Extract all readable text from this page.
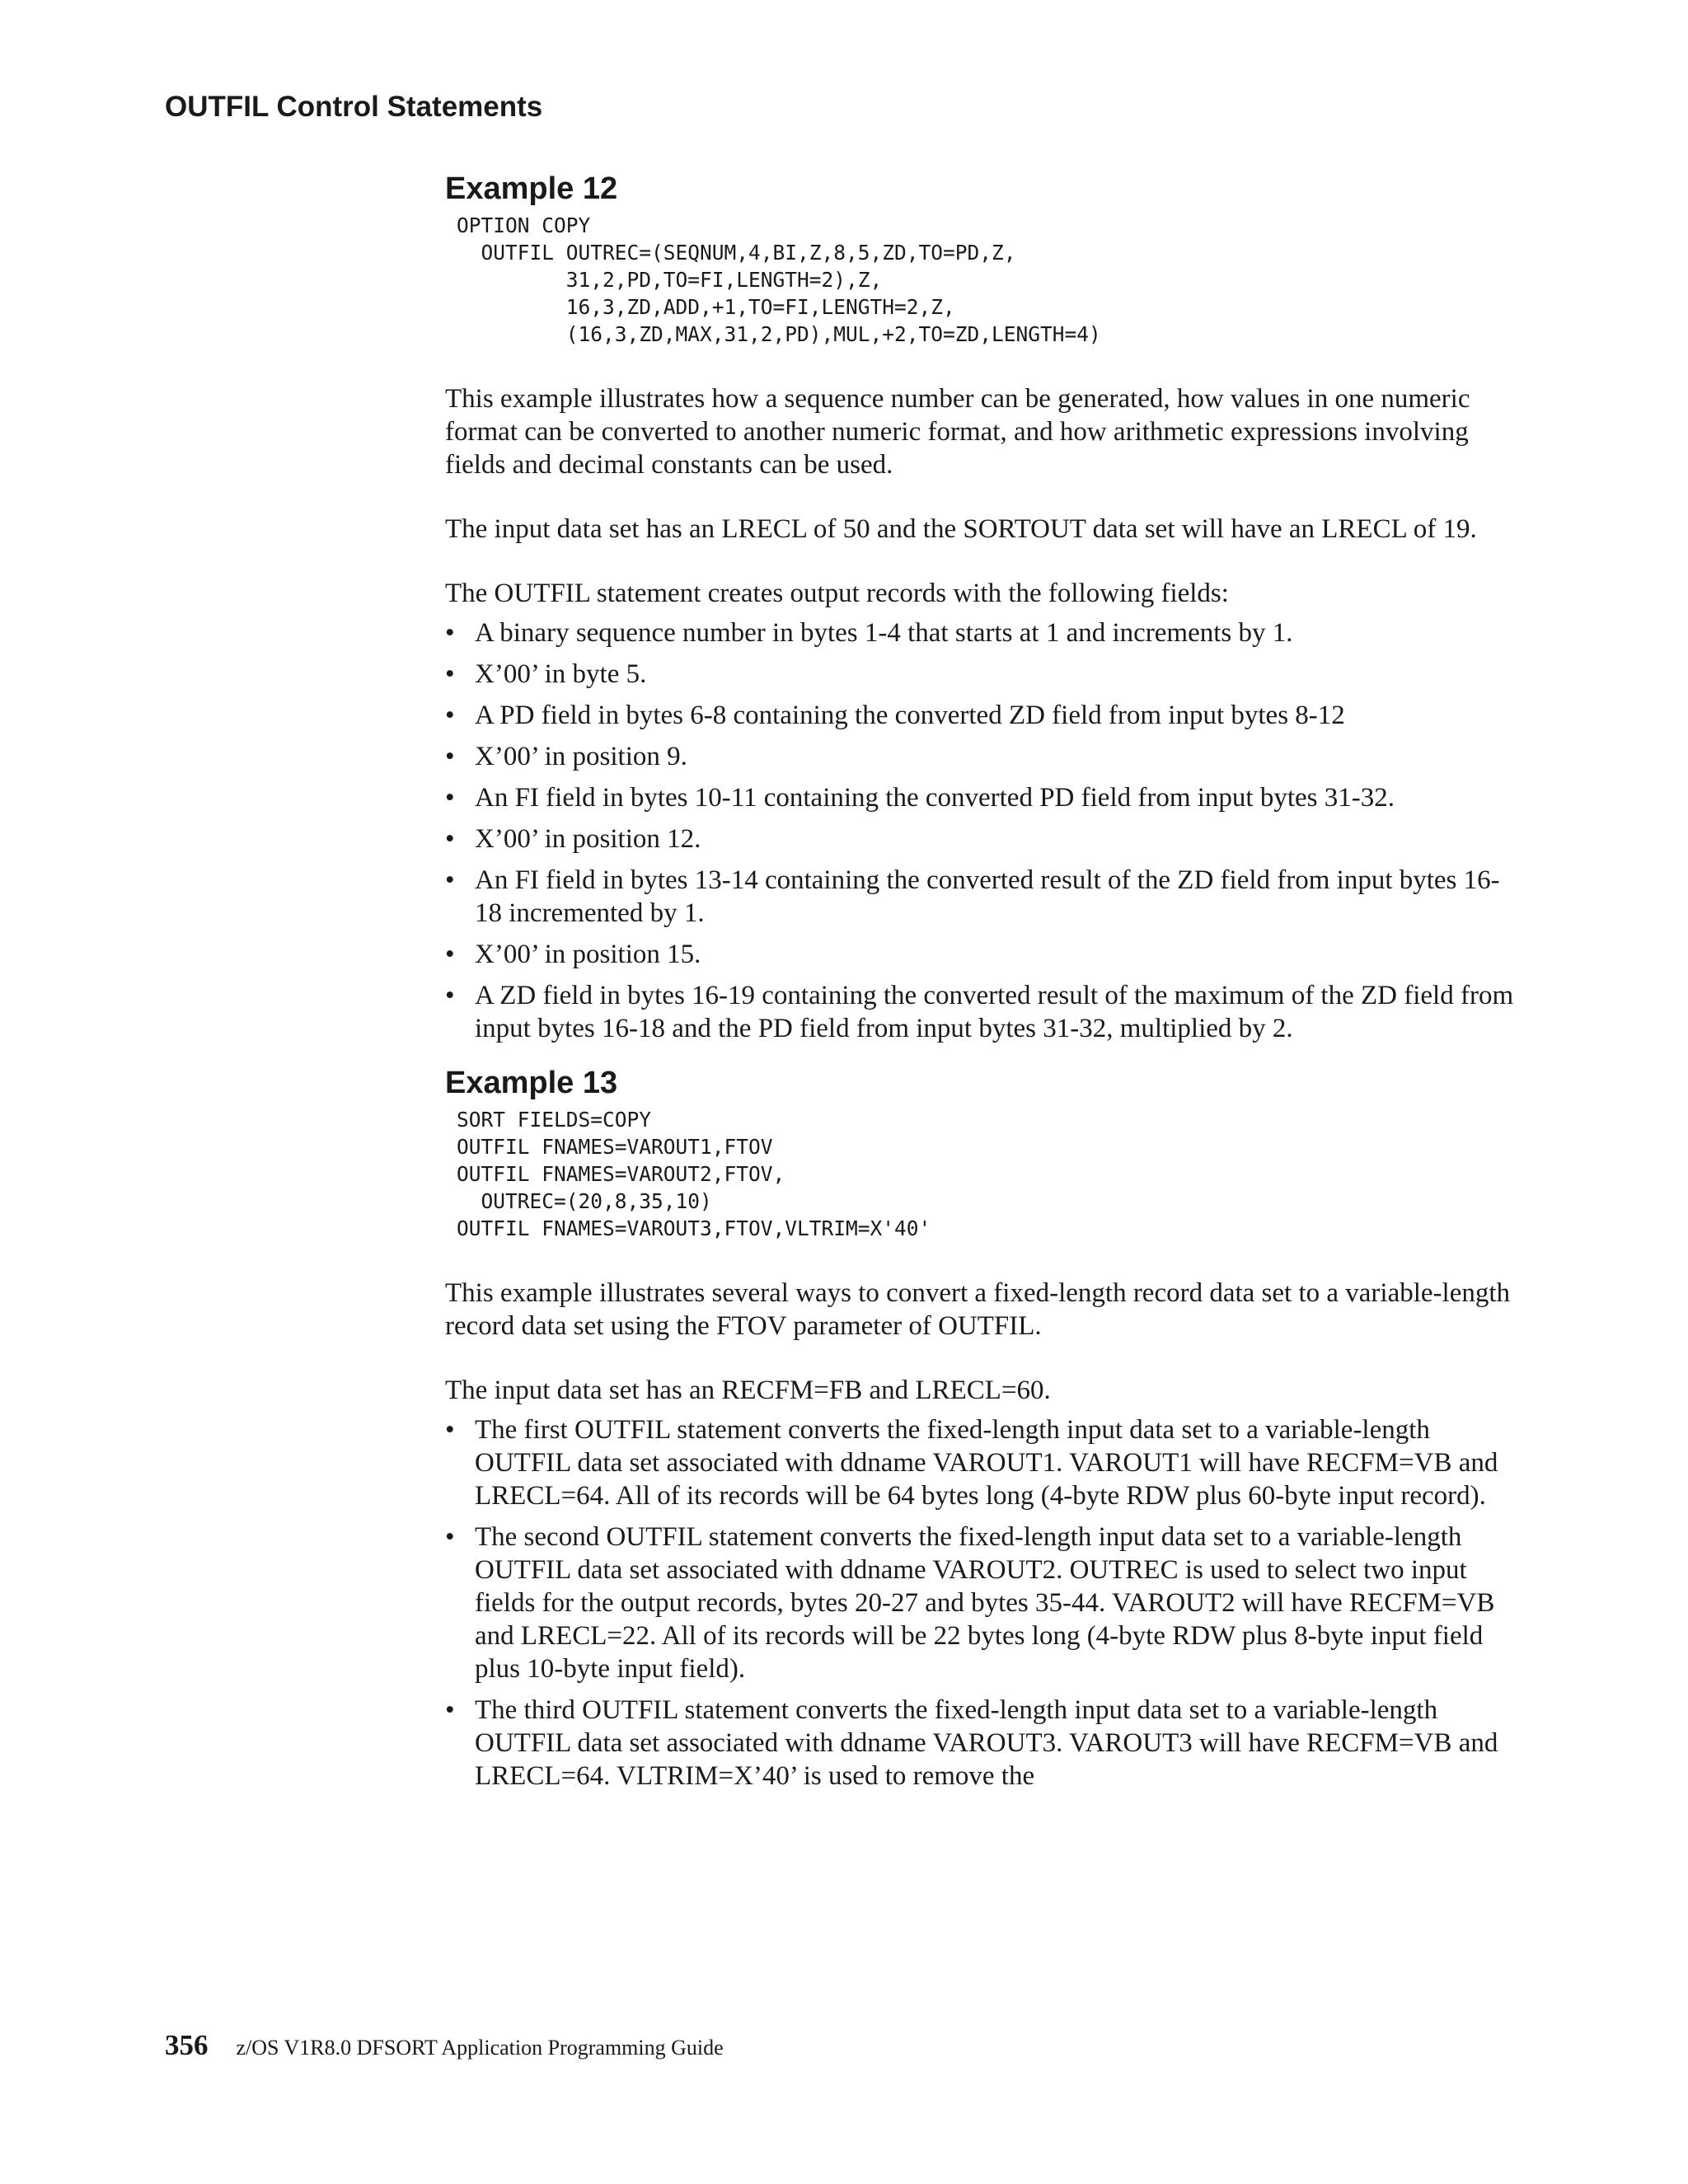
OUTFIL Control Statements
Example 12
OPTION COPY
OUTFIL OUTREC=(SEQNUM,4,BI,Z,8,5,ZD,TO=PD,Z,
31,2,PD,TO=FI,LENGTH=2),Z,
16,3,ZD,ADD,+1,TO=FI,LENGTH=2,Z,
(16,3,ZD,MAX,31,2,PD),MUL,+2,TO=ZD,LENGTH=4)

This example illustrates how a sequence number can be generated, how values in one numeric format can be converted to another numeric format, and how arithmetic expressions involving fields and decimal constants can be used.

The input data set has an LRECL of 50 and the SORTOUT data set will have an LRECL of 19.

The OUTFIL statement creates output records with the following fields:

• A binary sequence number in bytes 1-4 that starts at 1 and increments by 1.
• X’00’ in byte 5.
• A PD field in bytes 6-8 containing the converted ZD field from input bytes 8-12
• X’00’ in position 9.
• An FI field in bytes 10-11 containing the converted PD field from input bytes 31-32.
• X’00’ in position 12.
• An FI field in bytes 13-14 containing the converted result of the ZD field from input bytes 16-18 incremented by 1.
• X’00’ in position 15.
• A ZD field in bytes 16-19 containing the converted result of the maximum of the ZD field from input bytes 16-18 and the PD field from input bytes 31-32, multiplied by 2.
Example 13
SORT FIELDS=COPY
OUTFIL FNAMES=VAROUT1,FTOV
OUTFIL FNAMES=VAROUT2,FTOV,
OUTREC=(20,8,35,10)
OUTFIL FNAMES=VAROUT3,FTOV,VLTRIM=X'40'

This example illustrates several ways to convert a fixed-length record data set to a variable-length record data set using the FTOV parameter of OUTFIL.

The input data set has an RECFM=FB and LRECL=60.

• The first OUTFIL statement converts the fixed-length input data set to a variable-length OUTFIL data set associated with ddname VAROUT1. VAROUT1 will have RECFM=VB and LRECL=64. All of its records will be 64 bytes long (4-byte RDW plus 60-byte input record).
• The second OUTFIL statement converts the fixed-length input data set to a variable-length OUTFIL data set associated with ddname VAROUT2. OUTREC is used to select two input fields for the output records, bytes 20-27 and bytes 35-44. VAROUT2 will have RECFM=VB and LRECL=22. All of its records will be 22 bytes long (4-byte RDW plus 8-byte input field plus 10-byte input field).
• The third OUTFIL statement converts the fixed-length input data set to a variable-length OUTFIL data set associated with ddname VAROUT3. VAROUT3 will have RECFM=VB and LRECL=64. VLTRIM=X’40’ is used to remove the
356 z/OS V1R8.0 DFSORT Application Programming Guide
